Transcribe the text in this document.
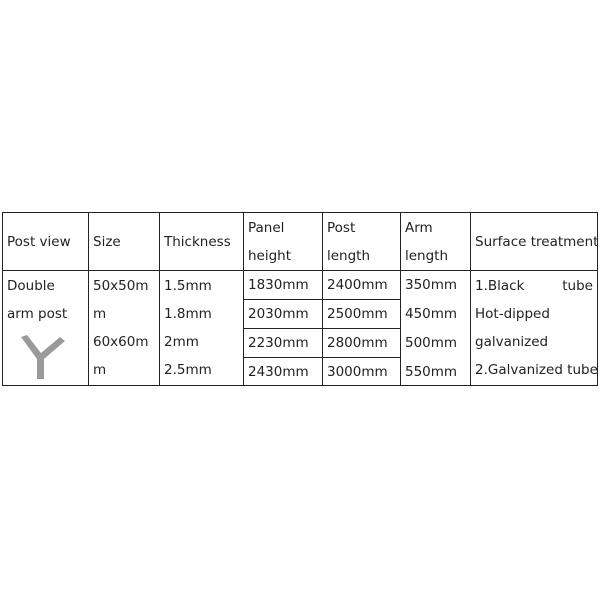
Post view Size	Thickness
Panel
height
Post
length
Arm
length
Surface treatment
Double
arm post
50x50m
m
60x60m
m
1.5mm
1.8mm
2mm
2.5mm
1830mm
2030mm
2230mm
2430mm
2400mm
2500mm
2800mm
3000mm
350mm
450mm
500mm
550mm
1.Black	tube
Hot-dipped
galvanized
2.Galvanized tube
